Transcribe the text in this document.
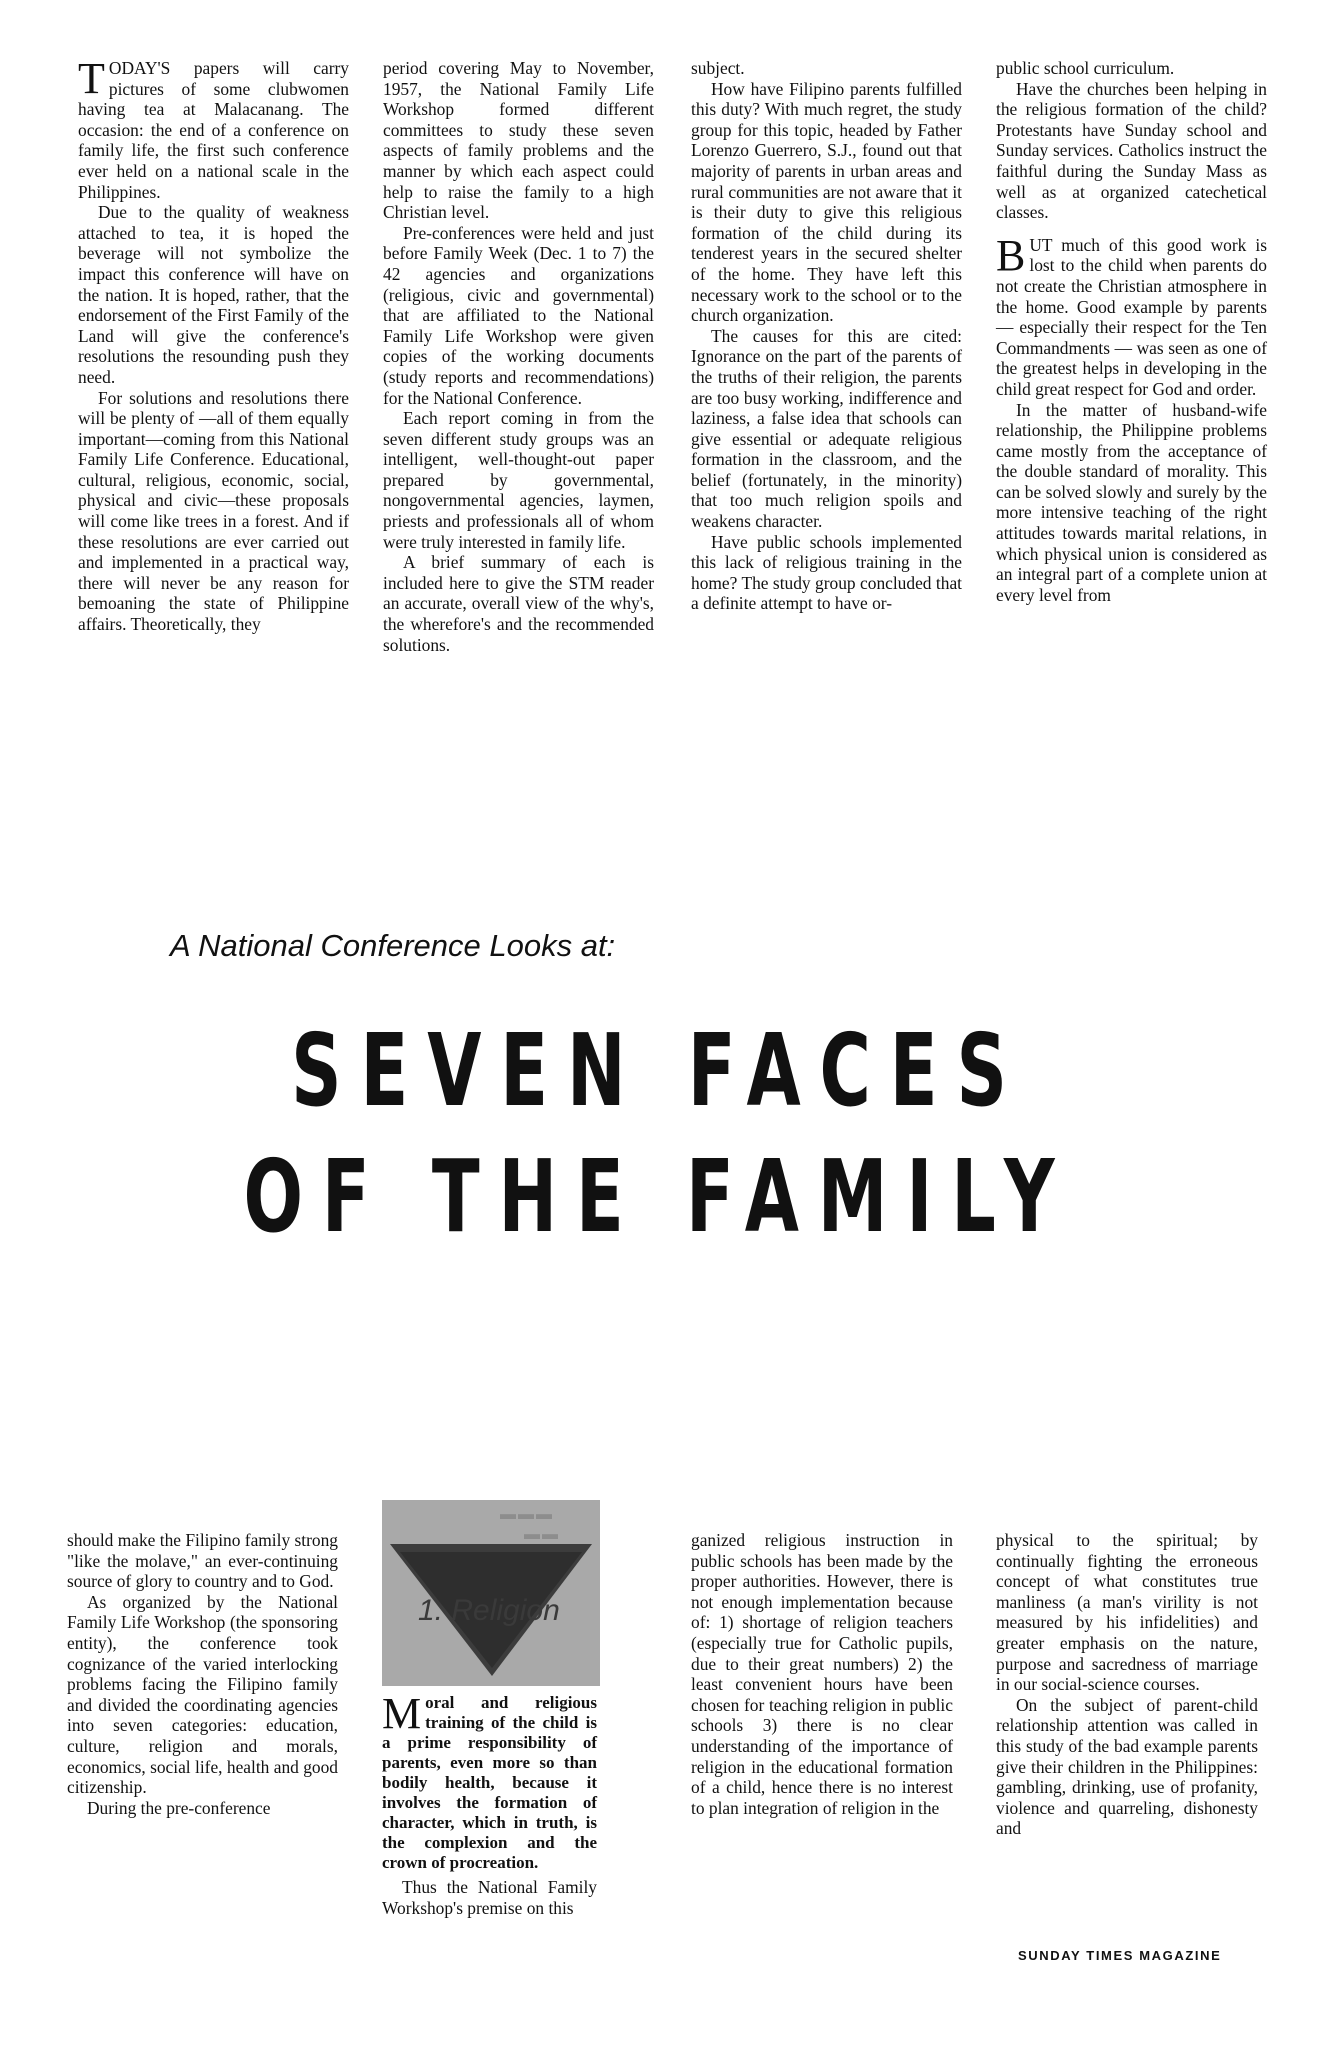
TODAY'S papers will carry pictures of some clubwomen having tea at Malacanang. The occasion: the end of a conference on family life, the first such conference ever held on a national scale in the Philippines.

Due to the quality of weakness attached to tea, it is hoped the beverage will not symbolize the impact this conference will have on the nation. It is hoped, rather, that the endorsement of the First Family of the Land will give the conference's resolutions the resounding push they need.

For solutions and resolutions there will be plenty of —all of them equally important—coming from this National Family Life Conference. Educational, cultural, religious, economic, social, physical and civic—these proposals will come like trees in a forest. And if these resolutions are ever carried out and implemented in a practical way, there will never be any reason for bemoaning the state of Philippine affairs. Theoretically, they

period covering May to November, 1957, the National Family Life Workshop formed different committees to study these seven aspects of family problems and the manner by which each aspect could help to raise the family to a high Christian level.

Pre-conferences were held and just before Family Week (Dec. 1 to 7) the 42 agencies and organizations (religious, civic and governmental) that are affiliated to the National Family Life Workshop were given copies of the working documents (study reports and recommendations) for the National Conference.

Each report coming in from the seven different study groups was an intelligent, well-thought-out paper prepared by governmental, nongovernmental agencies, laymen, priests and professionals all of whom were truly interested in family life.

A brief summary of each is included here to give the STM reader an accurate, overall view of the why's, the wherefore's and the recommended solutions.

subject.

How have Filipino parents fulfilled this duty? With much regret, the study group for this topic, headed by Father Lorenzo Guerrero, S.J., found out that majority of parents in urban areas and rural communities are not aware that it is their duty to give this religious formation of the child during its tenderest years in the secured shelter of the home. They have left this necessary work to the school or to the church organization.

The causes for this are cited: Ignorance on the part of the parents of the truths of their religion, the parents are too busy working, indifference and laziness, a false idea that schools can give essential or adequate religious formation in the classroom, and the belief (fortunately, in the minority) that too much religion spoils and weakens character.

Have public schools implemented this lack of religious training in the home? The study group concluded that a definite attempt to have or-

public school curriculum.

Have the churches been helping in the religious formation of the child? Protestants have Sunday school and Sunday services. Catholics instruct the faithful during the Sunday Mass as well as at organized catechetical classes.

BUT much of this good work is lost to the child when parents do not create the Christian atmosphere in the home. Good example by parents — especially their respect for the Ten Commandments — was seen as one of the greatest helps in developing in the child great respect for God and order.

In the matter of husband-wife relationship, the Philippine problems came mostly from the acceptance of the double standard of morality. This can be solved slowly and surely by the more intensive teaching of the right attitudes towards marital relations, in which physical union is considered as an integral part of a complete union at every level from

A National Conference Looks at:
SEVEN FACES
OF THE FAMILY

should make the Filipino family strong "like the molave," an ever-continuing source of glory to country and to God.

As organized by the National Family Life Workshop (the sponsoring entity), the conference took cognizance of the varied interlocking problems facing the Filipino family and divided the coordinating agencies into seven categories: education, culture, religion and morals, economics, social life, health and good citizenship.

During the pre-conference

▬▬▬
▬▬
1. Religion

Moral and religious training of the child is a prime responsibility of parents, even more so than bodily health, because it involves the formation of character, which in truth, is the complexion and the crown of procreation.

Thus the National Family Workshop's premise on this

ganized religious instruction in public schools has been made by the proper authorities. However, there is not enough implementation because of: 1) shortage of religion teachers (especially true for Catholic pupils, due to their great numbers) 2) the least convenient hours have been chosen for teaching religion in public schools 3) there is no clear understanding of the importance of religion in the educational formation of a child, hence there is no interest to plan integration of religion in the

physical to the spiritual; by continually fighting the erroneous concept of what constitutes true manliness (a man's virility is not measured by his infidelities) and greater emphasis on the nature, purpose and sacredness of marriage in our social-science courses.

On the subject of parent-child relationship attention was called in this study of the bad example parents give their children in the Philippines: gambling, drinking, use of profanity, violence and quarreling, dishonesty and

SUNDAY TIMES MAGAZINE
